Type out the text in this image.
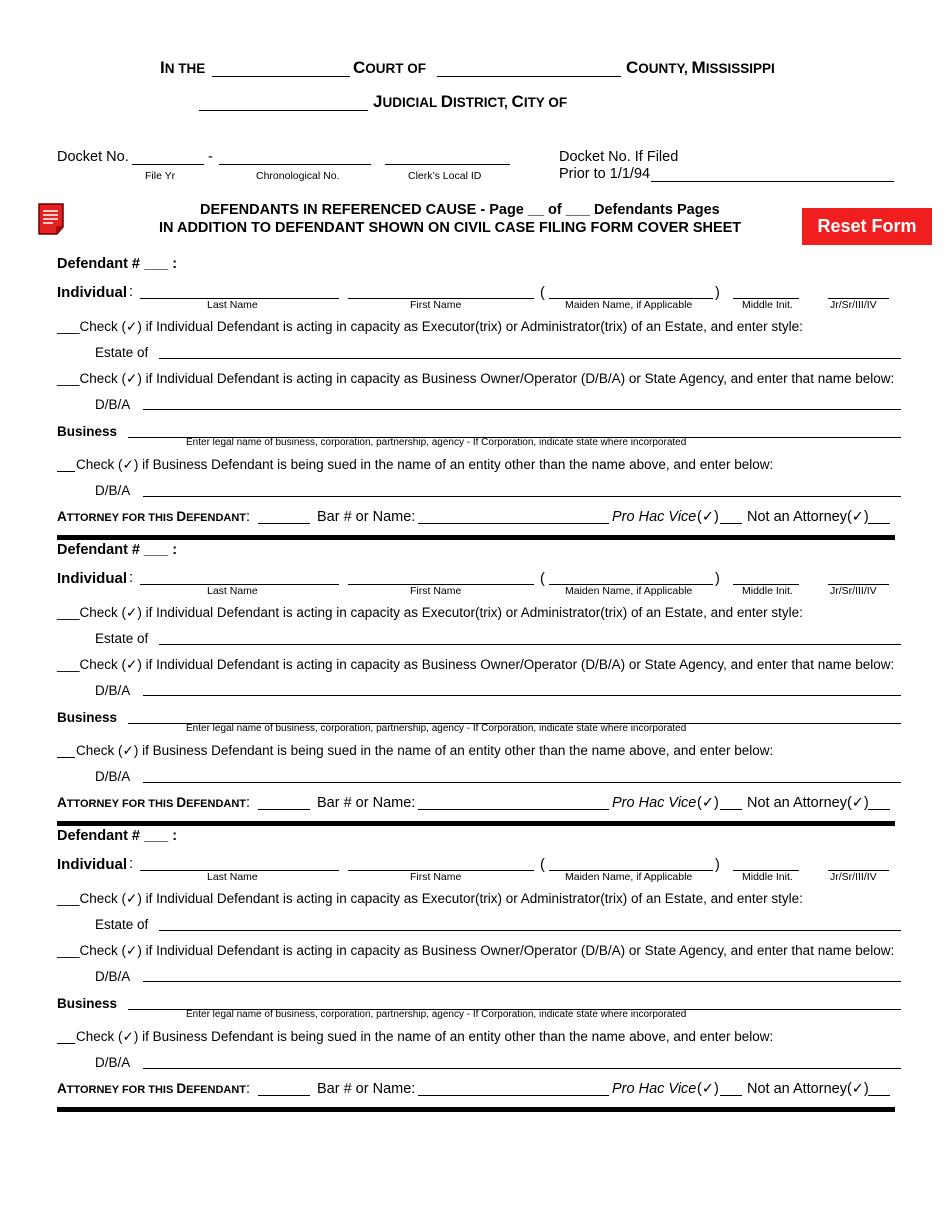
IN THE	COURT OF	COUNTY, MISSISSIPPI
JUDICIAL DISTRICT, CITY OF
Docket No.	-
File Yr	Chronological No.	Clerk’s Local ID
Docket No. If Filed
Prior to 1/1/94
DEFENDANTS IN REFERENCED CAUSE - Page __ of ___ Defendants Pages
IN ADDITION TO DEFENDANT SHOWN ON CIVIL CASE FILING FORM COVER SHEET	Reset Form
Defendant # ___ :
Individual :	(	)
Last Name	First Name	Maiden Name, if Applicable	Middle Init.	Jr/Sr/III/IV
___Check (✓) if Individual Defendant is acting in capacity as Executor(trix) or Administrator(trix) of an Estate, and enter style:
Estate of
___Check (✓) if Individual Defendant is acting in capacity as Business Owner/Operator (D/B/A) or State Agency, and enter that name below:
D/B/A
Business
Enter legal name of business, corporation, partnership, agency - If Corporation, indicate state where incorporated
Check (✓) if Business Defendant is being sued in the name of an entity other than the name above, and enter below:
D/B/A
ATTORNEY FOR THIS DEFENDANT:	Bar # or Name:	Pro Hac Vice (✓) Not an Attorney(✓)
Defendant # ___ :
Individual :	(	)
Last Name	First Name	Maiden Name, if Applicable	Middle Init.	Jr/Sr/III/IV
___Check (✓) if Individual Defendant is acting in capacity as Executor(trix) or Administrator(trix) of an Estate, and enter style:
Estate of
___Check (✓) if Individual Defendant is acting in capacity as Business Owner/Operator (D/B/A) or State Agency, and enter that name below:
D/B/A
Business
Enter legal name of business, corporation, partnership, agency - If Corporation, indicate state where incorporated
Check (✓) if Business Defendant is being sued in the name of an entity other than the name above, and enter below:
D/B/A
ATTORNEY FOR THIS DEFENDANT:	Bar # or Name:	Pro Hac Vice (✓) Not an Attorney(✓)
Defendant # ___ :
Individual :	(	)
Last Name	First Name	Maiden Name, if Applicable	Middle Init.	Jr/Sr/III/IV
___Check (✓) if Individual Defendant is acting in capacity as Executor(trix) or Administrator(trix) of an Estate, and enter style:
Estate of
___Check (✓) if Individual Defendant is acting in capacity as Business Owner/Operator (D/B/A) or State Agency, and enter that name below:
D/B/A
Business
Enter legal name of business, corporation, partnership, agency - If Corporation, indicate state where incorporated
Check (✓) if Business Defendant is being sued in the name of an entity other than the name above, and enter below:
D/B/A
ATTORNEY FOR THIS DEFENDANT:	Bar # or Name:	Pro Hac Vice (✓) Not an Attorney(✓)
